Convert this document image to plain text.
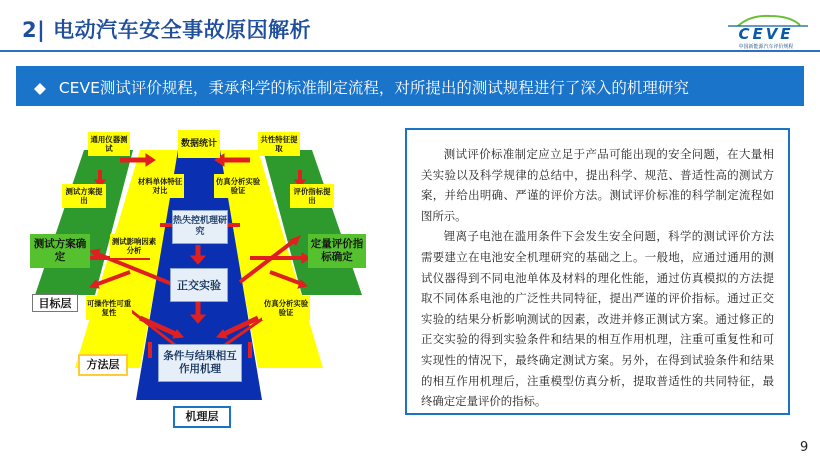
2| 电动汽车安全事故原因解析	CEVE
中国新能源汽车评价规程
◆ CEVE测试评价规程，秉承科学的标准制定流程，对所提出的测试规程进行了深入的机理研究
通用仪器测试	数据统计	共性特征提取
测试方案提出
材料单体特征对比
仿真分析实验验证	评价指标提出
热失控机理研究
测试方案确定
测试影响因素分析
正交实验
定量评价指标确定
可操作性可重复性
仿真分析实验验证
条件与结果相互作用机理
目标层
方法层
机理层

测试评价标准制定应立足于产品可能出现的安全问题，在大量相关实验以及科学规律的总结中，提出科学、规范、普适性高的测试方案，并给出明确、严谨的评价方法。测试评价标准的科学制定流程如图所示。

锂离子电池在滥用条件下会发生安全问题，科学的测试评价方法需要建立在电池安全机理研究的基础之上。一般地，应通过通用的测试仪器得到不同电池单体及材料的理化性能，通过仿真模拟的方法提取不同体系电池的广泛性共同特征，提出严谨的评价指标。通过正交实验的结果分析影响测试的因素，改进并修正测试方案。通过修正的正交实验的得到实验条件和结果的相互作用机理，注重可重复性和可实现性的情况下，最终确定测试方案。另外，在得到试验条件和结果的相互作用机理后，注重模型仿真分析，提取普适性的共同特征，最终确定定量评价的指标。

9
